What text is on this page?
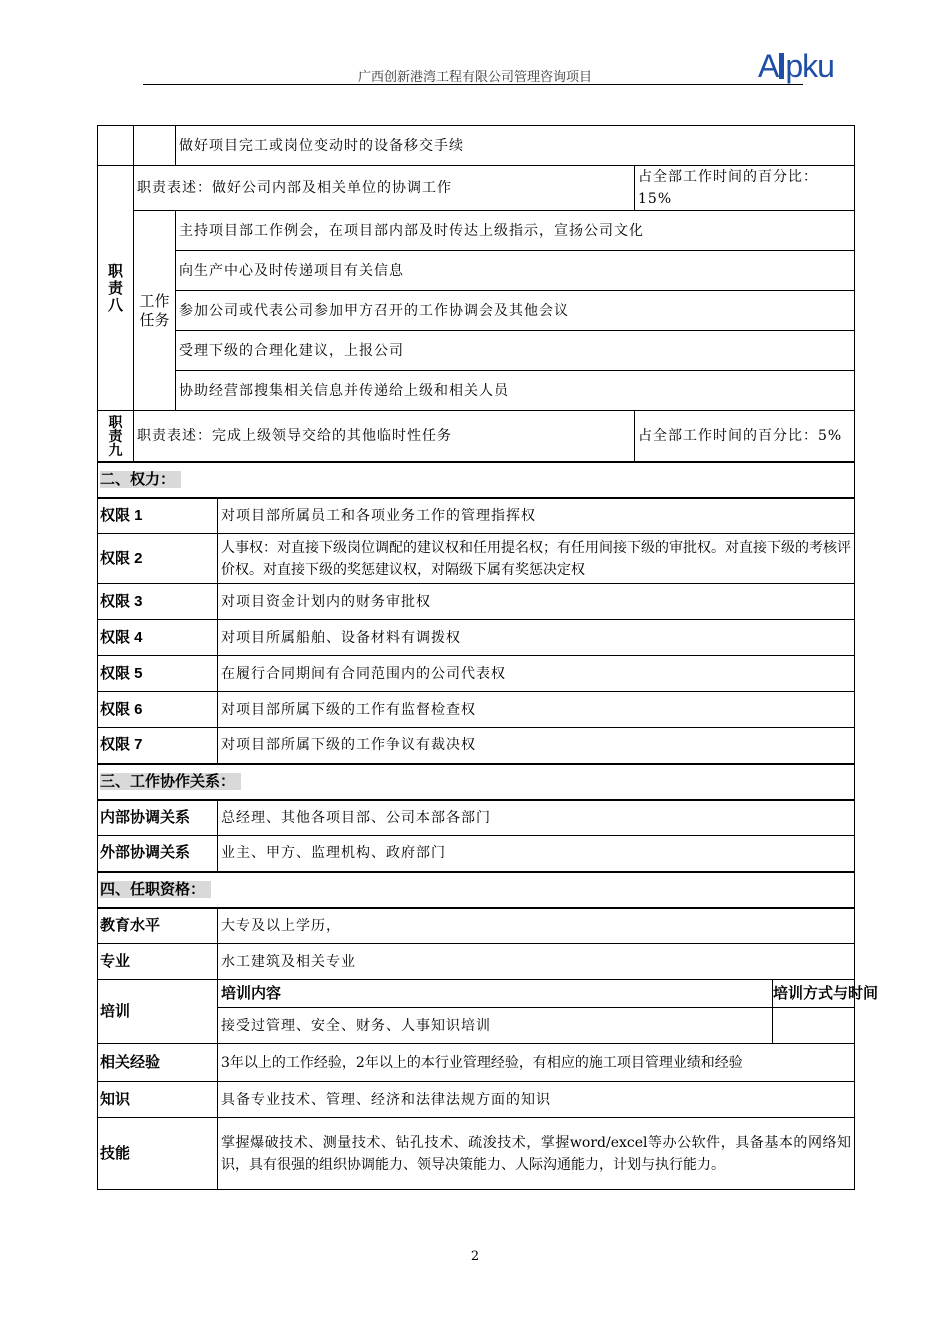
广西创新港湾工程有限公司管理咨询项目	A pku
		做好项目完工或岗位变动时的设备移交手续			
职责八	职责表述：做好公司内部及相关单位的协调工作			占全部工作时间的百分比：15%	
	工作任务	主持项目部工作例会，在项目部内部及时传达上级指示，宣扬公司文化			
		向生产中心及时传递项目有关信息			
		参加公司或代表公司参加甲方召开的工作协调会及其他会议			
		受理下级的合理化建议，上报公司			
		协助经营部搜集相关信息并传递给上级和相关人员			
职责九	职责表述：完成上级领导交给的其他临时性任务			占全部工作时间的百分比：5%	
二、权力：					
权限 1			对项目部所属员工和各项业务工作的管理指挥权		
权限 2			人事权：对直接下级岗位调配的建议权和任用提名权；有任用间接下级的审批权。对直接下级的考核评价权。对直接下级的奖惩建议权，对隔级下属有奖惩决定权		
权限 3			对项目资金计划内的财务审批权		
权限 4			对项目所属船舶、设备材料有调拨权		
权限 5			在履行合同期间有合同范围内的公司代表权		
权限 6			对项目部所属下级的工作有监督检查权		
权限 7			对项目部所属下级的工作争议有裁决权		
三、工作协作关系：					
内部协调关系			总经理、其他各项目部、公司本部各部门		
外部协调关系			业主、甲方、监理机构、政府部门		
四、任职资格：					
教育水平			大专及以上学历，		
专业			水工建筑及相关专业		
培训			培训内容		培训方式与时间
			接受过管理、安全、财务、人事知识培训		
相关经验			3年以上的工作经验，2年以上的本行业管理经验，有相应的施工项目管理业绩和经验		
知识			具备专业技术、管理、经济和法律法规方面的知识		
技能			掌握爆破技术、测量技术、钻孔技术、疏浚技术，掌握word/excel等办公软件，具备基本的网络知识，具有很强的组织协调能力、领导决策能力、人际沟通能力，计划与执行能力。		
2
